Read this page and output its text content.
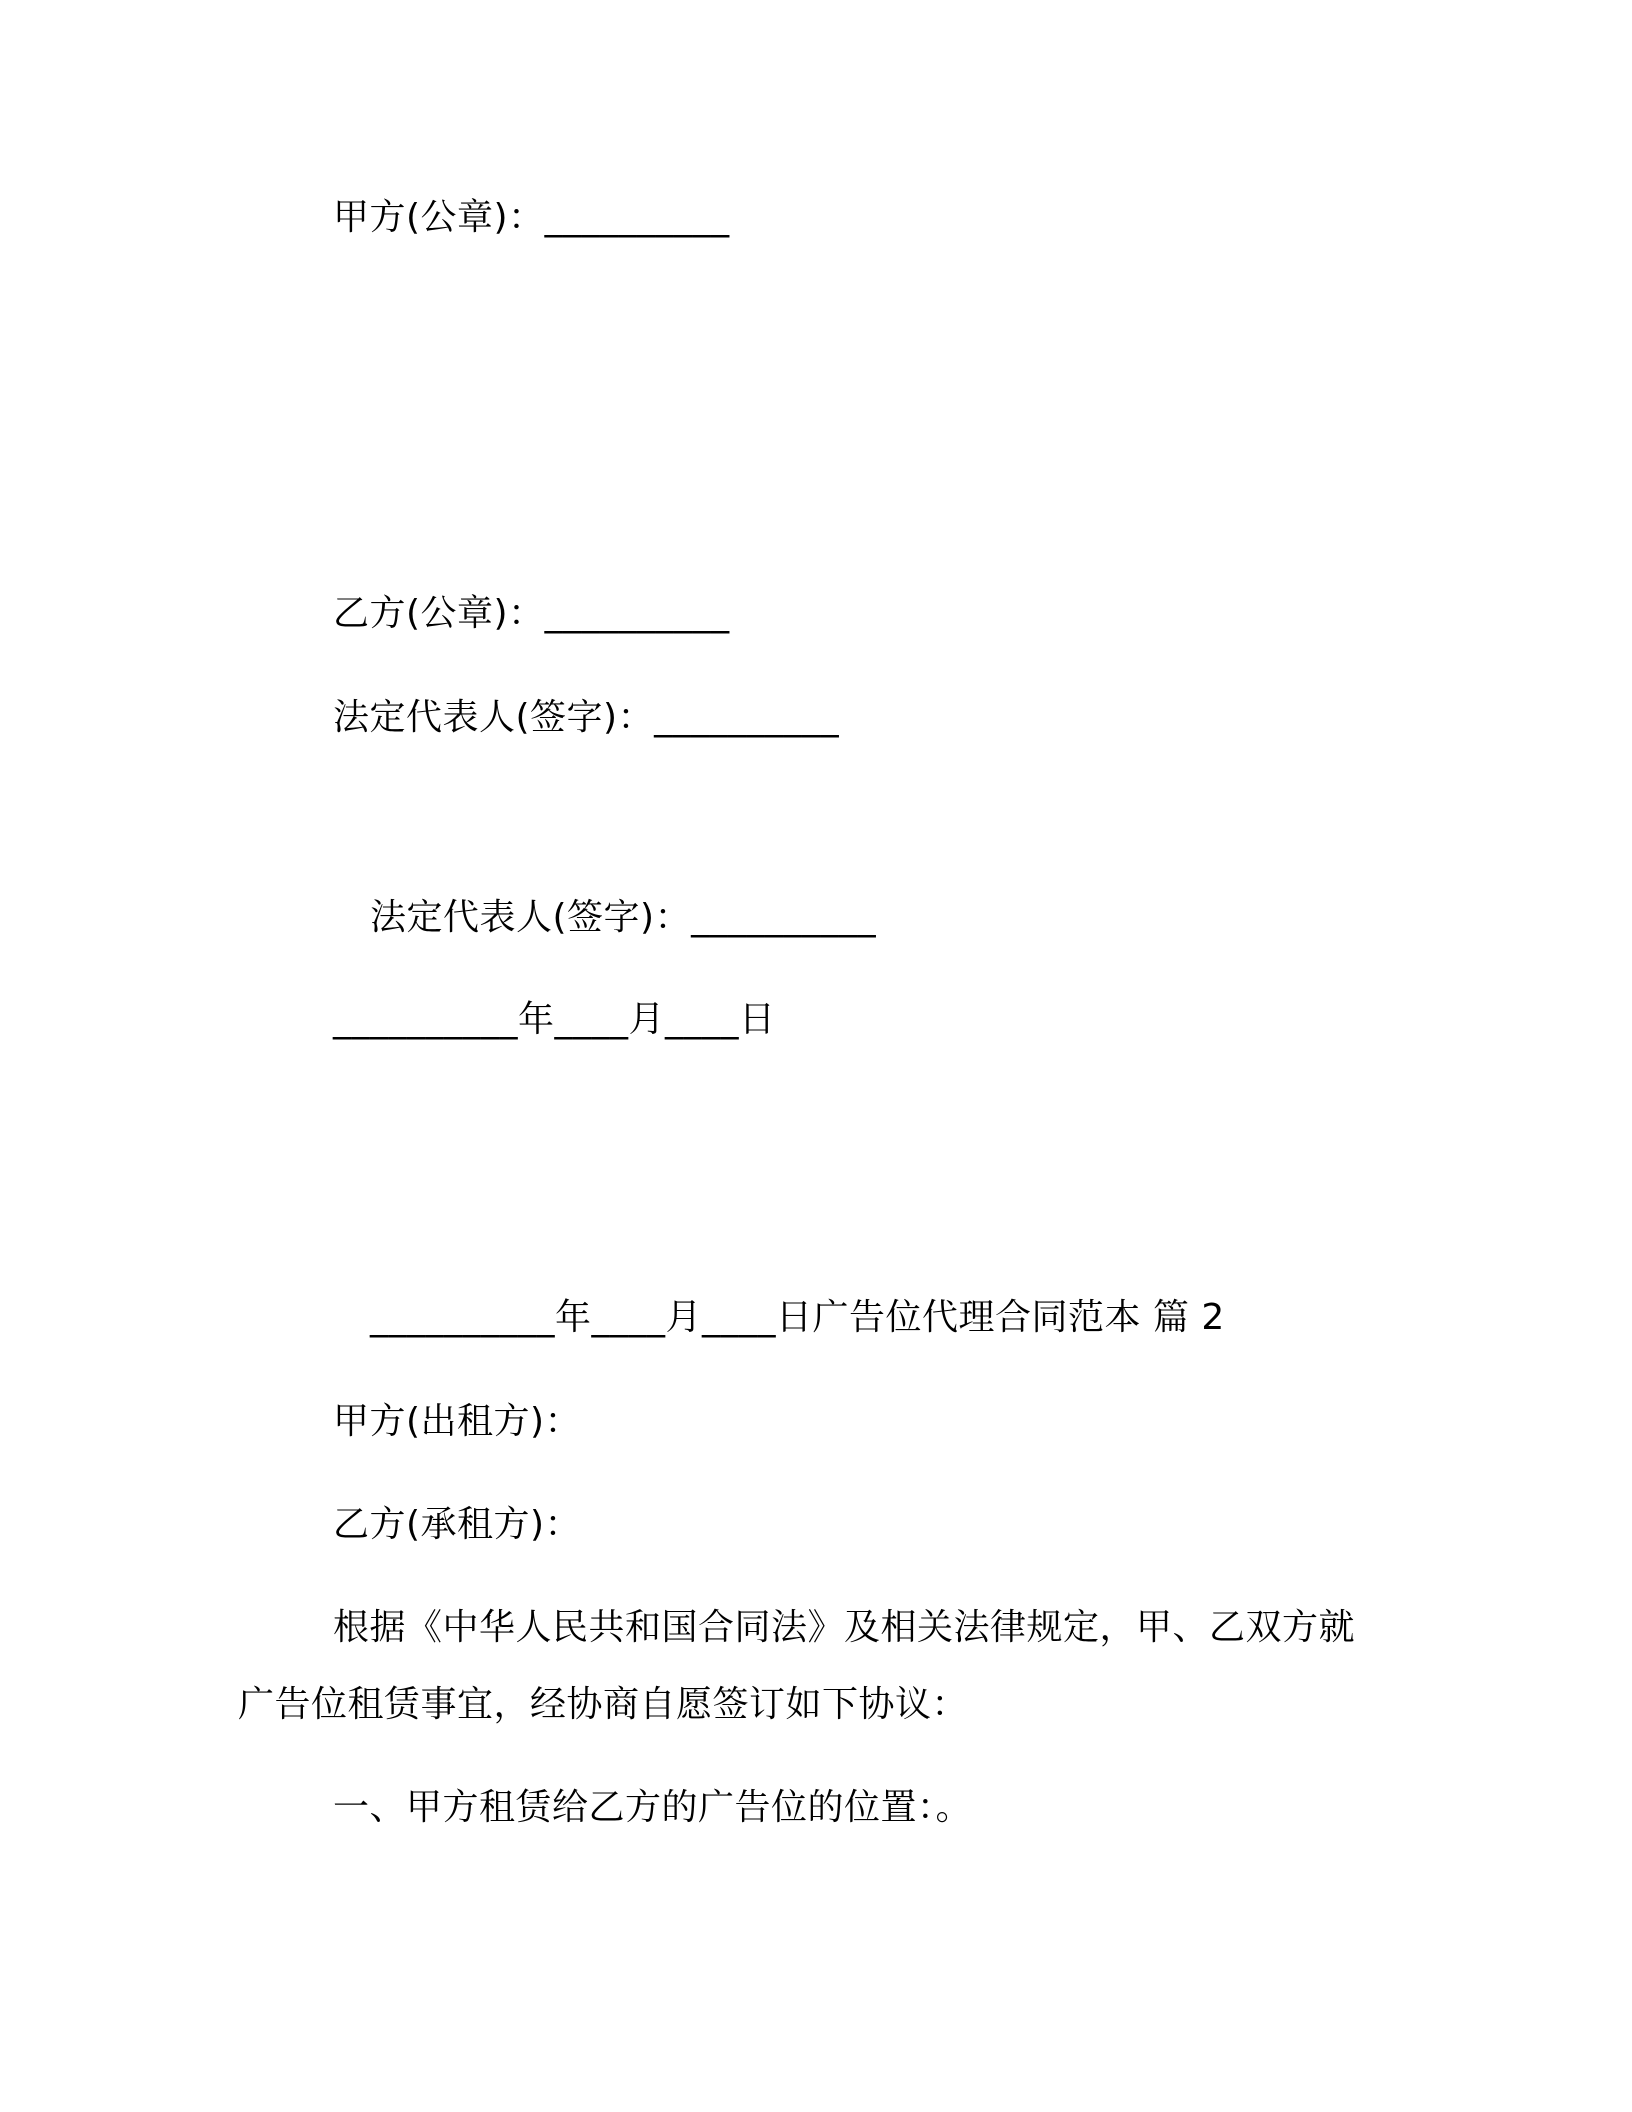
甲方(公章)：__________
乙方(公章)：__________
法定代表人(签字)：__________
法定代表人(签字)：__________
__________年____月____日
__________年____月____日广告位代理合同范本 篇 2
甲方(出租方)：
乙方(承租方)：
根据《中华人民共和国合同法》及相关法律规定，甲、乙双方就
广告位租赁事宜，经协商自愿签订如下协议：
一、甲方租赁给乙方的广告位的位置：。
